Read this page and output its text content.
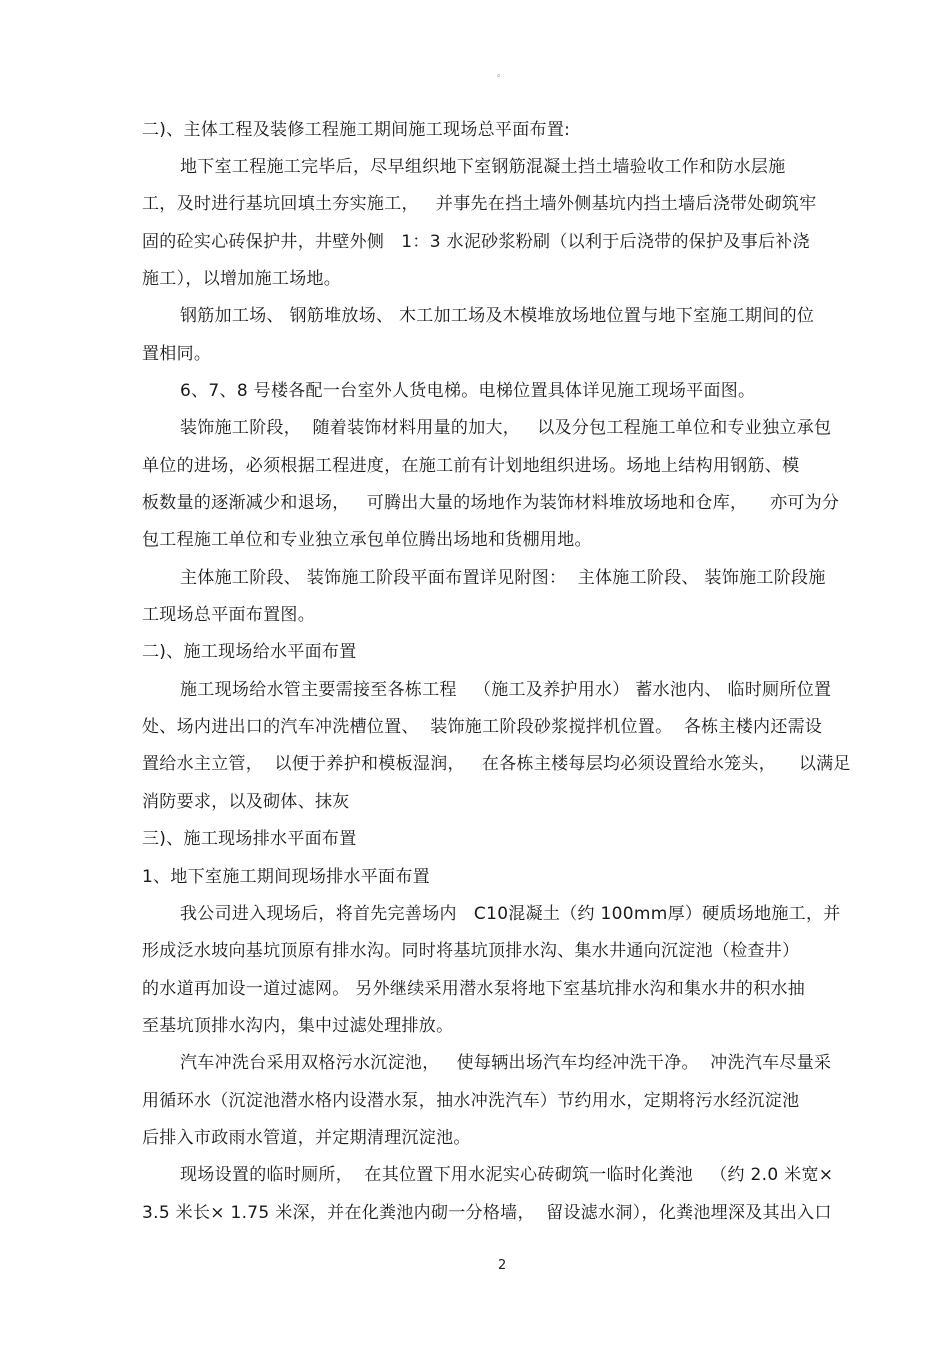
。
二)、主体工程及装修工程施工期间施工现场总平面布置:
地下室工程施工完毕后，尽早组织地下室钢筋混凝土挡土墙验收工作和防水层施
工，及时进行基坑回填土夯实施工，   并事先在挡土墙外侧基坑内挡土墙后浇带处砌筑牢
固的砼实心砖保护井，井壁外侧   1：3 水泥砂浆粉刷（以利于后浇带的保护及事后补浇
施工），以增加施工场地。
钢筋加工场、 钢筋堆放场、 木工加工场及木模堆放场地位置与地下室施工期间的位
置相同。
6、7、8 号楼各配一台室外人货电梯。电梯位置具体详见施工现场平面图。
装饰施工阶段，  随着装饰材料用量的加大，   以及分包工程施工单位和专业独立承包
单位的进场，必须根据工程进度，在施工前有计划地组织进场。场地上结构用钢筋、模
板数量的逐渐减少和退场，   可腾出大量的场地作为装饰材料堆放场地和仓库，    亦可为分
包工程施工单位和专业独立承包单位腾出场地和货棚用地。
主体施工阶段、 装饰施工阶段平面布置详见附图：  主体施工阶段、 装饰施工阶段施
工现场总平面布置图。
二)、施工现场给水平面布置
施工现场给水管主要需接至各栋工程   （施工及养护用水） 蓄水池内、 临时厕所位置
处、场内进出口的汽车冲洗槽位置、  装饰施工阶段砂浆搅拌机位置。  各栋主楼内还需设
置给水主立管，  以便于养护和模板湿润，   在各栋主楼每层均必须设置给水笼头，    以满足
消防要求，以及砌体、抹灰
三)、施工现场排水平面布置
1、地下室施工期间现场排水平面布置
我公司进入现场后，将首先完善场内   C10混凝土（约 100mm厚）硬质场地施工，并
形成泛水坡向基坑顶原有排水沟。同时将基坑顶排水沟、集水井通向沉淀池（检查井）
的水道再加设一道过滤网。 另外继续采用潜水泵将地下室基坑排水沟和集水井的积水抽
至基坑顶排水沟内，集中过滤处理排放。
汽车冲洗台采用双格污水沉淀池，   使每辆出场汽车均经冲洗干净。  冲洗汽车尽量采
用循环水（沉淀池潜水格内设潜水泵，抽水冲洗汽车）节约用水，定期将污水经沉淀池
后排入市政雨水管道，并定期清理沉淀池。
现场设置的临时厕所，  在其位置下用水泥实心砖砌筑一临时化粪池   （约 2.0 米宽×
3.5 米长× 1.75 米深，并在化粪池内砌一分格墙，  留设滤水洞），化粪池埋深及其出入口
2
